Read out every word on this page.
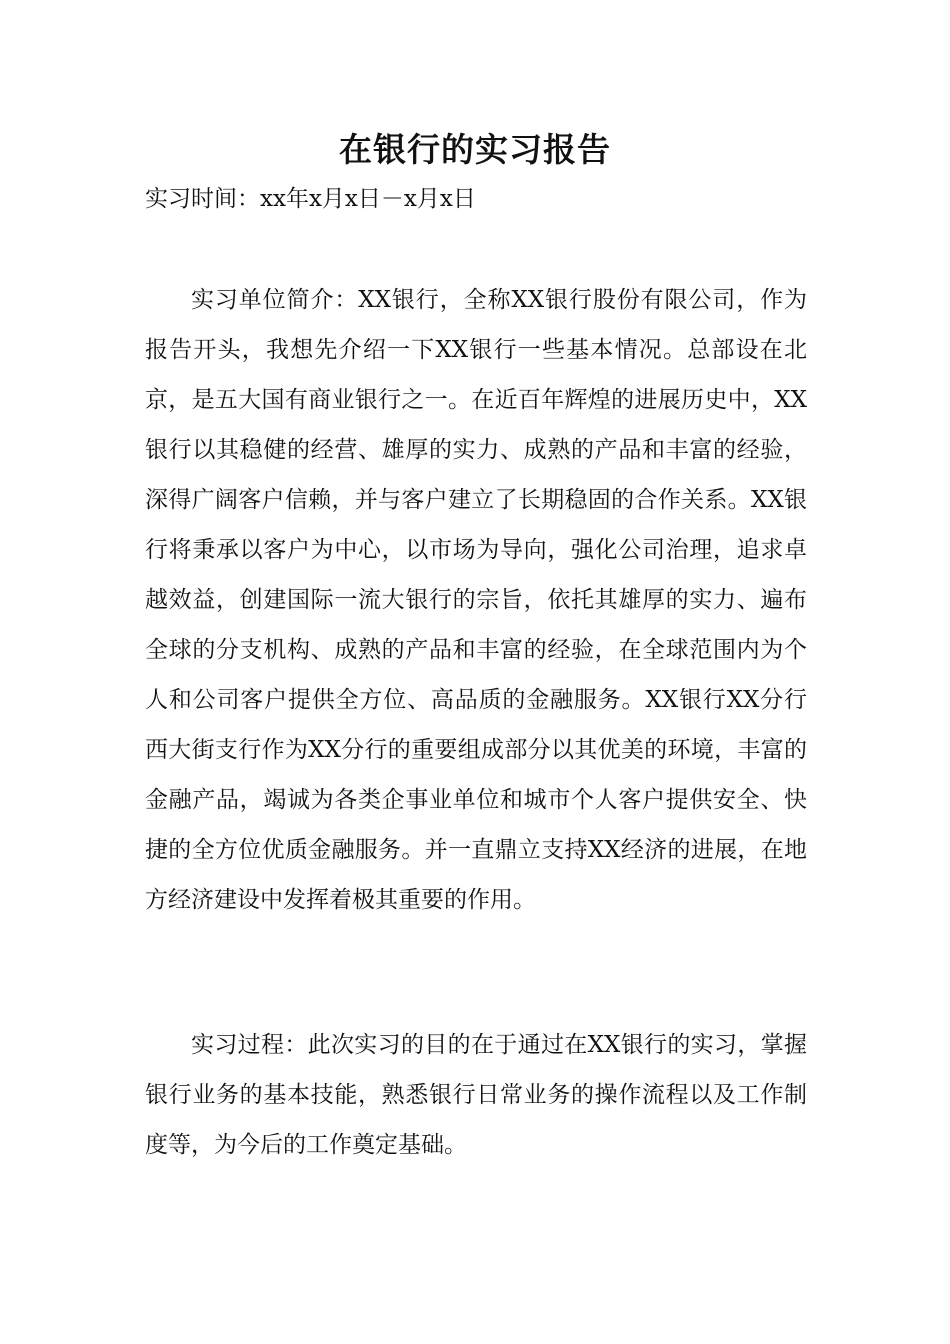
在银行的实习报告

实习时间：xx年x月x日－x月x日

实习单位简介：XX银行，全称XX银行股份有限公司，作为报告开头，我想先介绍一下XX银行一些基本情况。总部设在北京，是五大国有商业银行之一。在近百年辉煌的进展历史中，XX银行以其稳健的经营、雄厚的实力、成熟的产品和丰富的经验，深得广阔客户信赖，并与客户建立了长期稳固的合作关系。XX银行将秉承以客户为中心，以市场为导向，强化公司治理，追求卓越效益，创建国际一流大银行的宗旨，依托其雄厚的实力、遍布全球的分支机构、成熟的产品和丰富的经验，在全球范围内为个人和公司客户提供全方位、高品质的金融服务。XX银行XX分行西大街支行作为XX分行的重要组成部分以其优美的环境，丰富的金融产品，竭诚为各类企事业单位和城市个人客户提供安全、快捷的全方位优质金融服务。并一直鼎立支持XX经济的进展，在地方经济建设中发挥着极其重要的作用。

实习过程：此次实习的目的在于通过在XX银行的实习，掌握银行业务的基本技能，熟悉银行日常业务的操作流程以及工作制度等，为今后的工作奠定基础。
